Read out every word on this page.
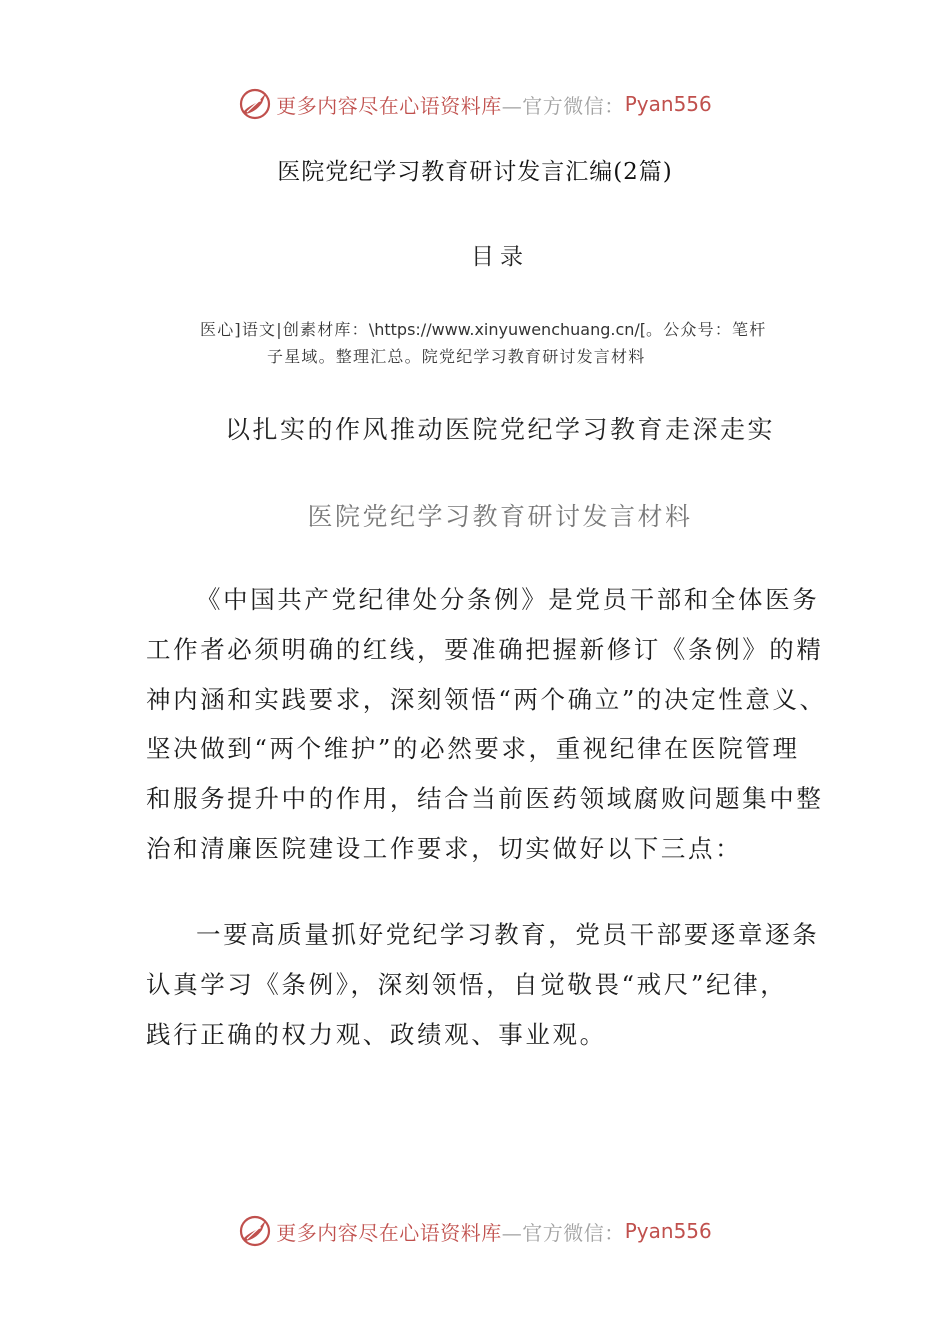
更多内容尽在心语资料库 —官方微信： Pyan556
医院党纪学习教育研讨发言汇编(2篇)
目录

医心]语文|创素材库：\https://www.xinyuwenchuang.cn/[。公众号：笔杆
子星域。整理汇总。院党纪学习教育研讨发言材料

以扎实的作风推动医院党纪学习教育走深走实
医院党纪学习教育研讨发言材料

《中国共产党纪律处分条例》是党员干部和全体医务
工作者必须明确的红线，要准确把握新修订《条例》的精
神内涵和实践要求，深刻领悟“两个确立”的决定性意义、
坚决做到“两个维护”的必然要求，重视纪律在医院管理
和服务提升中的作用，结合当前医药领域腐败问题集中整
治和清廉医院建设工作要求，切实做好以下三点：

一要高质量抓好党纪学习教育，党员干部要逐章逐条
认真学习《条例》，深刻领悟，自觉敬畏“戒尺”纪律，
践行正确的权力观、政绩观、事业观。

更多内容尽在心语资料库 —官方微信： Pyan556
